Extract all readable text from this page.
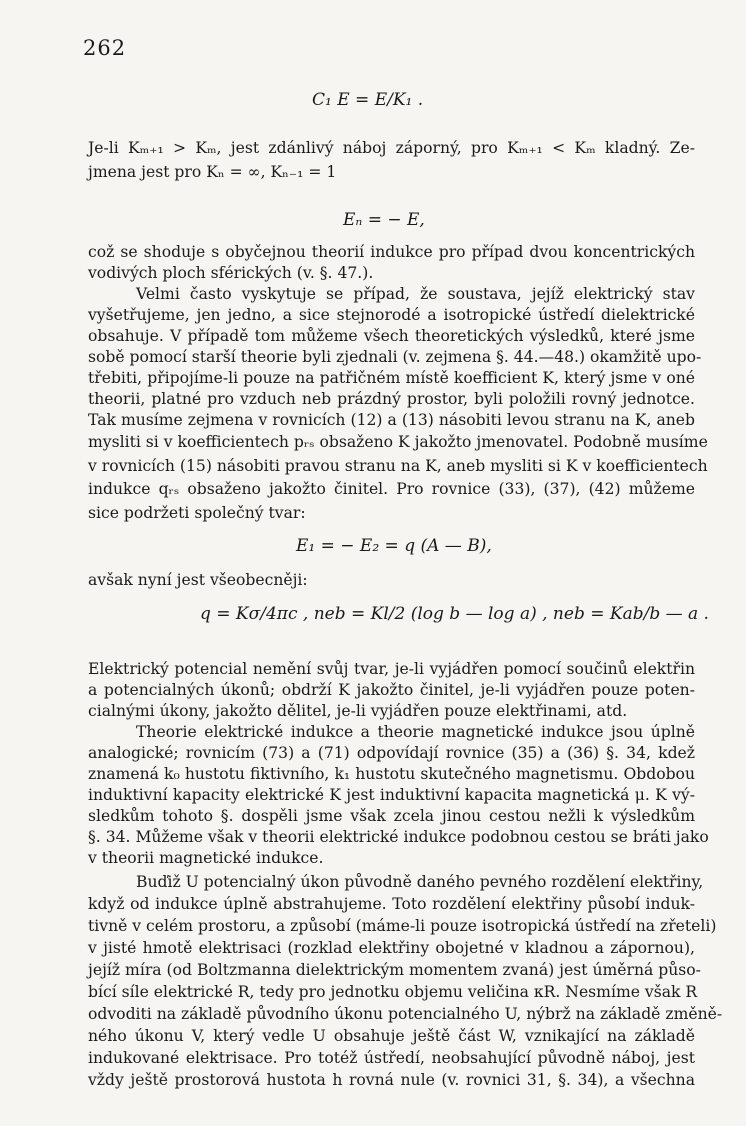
262
C₁ E = E/K₁ .
Je-li Kₘ₊₁ > Kₘ, jest zdánlivý náboj záporný, pro Kₘ₊₁ < Kₘ kladný. Ze-
jmena jest pro Kₙ = ∞, Kₙ₋₁ = 1
Eₙ = − E,
což se shoduje s obyčejnou theorií indukce pro případ dvou koncentrických
vodivých ploch sférických (v. §. 47.).
Velmi často vyskytuje se případ, že soustava, jejíž elektrický stav
vyšetřujeme, jen jedno, a sice stejnorodé a isotropické ústředí dielektrické
obsahuje. V případě tom můžeme všech theoretických výsledků, které jsme
sobě pomocí starší theorie byli zjednali (v. zejmena §. 44.—48.) okamžitě upo-
třebiti, připojíme-li pouze na patřičném místě koefficient K, který jsme v oné
theorii, platné pro vzduch neb prázdný prostor, byli položili rovný jednotce.
Tak musíme zejmena v rovnicích (12) a (13) násobiti levou stranu na K, aneb
mysliti si v koefficientech pᵣₛ obsaženo K jakožto jmenovatel. Podobně musíme
v rovnicích (15) násobiti pravou stranu na K, aneb mysliti si K v koefficientech
indukce qᵣₛ obsaženo jakožto činitel. Pro rovnice (33), (37), (42) můžeme
sice podržeti společný tvar:
E₁ = − E₂ = q (A — B),
avšak nyní jest všeobecněji:
q = Kσ/4πc , neb = Kl/2 (log b — log a) , neb = Kab/b — a .
Elektrický potencial nemění svůj tvar, je-li vyjádřen pomocí součinů elektřin
a potencialných úkonů; obdrží K jakožto činitel, je-li vyjádřen pouze poten-
cialnými úkony, jakožto dělitel, je-li vyjádřen pouze elektřinami, atd.
Theorie elektrické indukce a theorie magnetické indukce jsou úplně
analogické; rovnicím (73) a (71) odpovídají rovnice (35) a (36) §. 34, kdež
znamená k₀ hustotu fiktivního, k₁ hustotu skutečného magnetismu. Obdobou
induktivní kapacity elektrické K jest induktivní kapacita magnetická μ. K vý-
sledkům tohoto §. dospěli jsme však zcela jinou cestou nežli k výsledkům
§. 34. Můžeme však v theorii elektrické indukce podobnou cestou se bráti jako
v theorii magnetické indukce.
Buďiž U potencialný úkon původně daného pevného rozdělení elektřiny,
když od indukce úplně abstrahujeme. Toto rozdělení elektřiny působí induk-
tivně v celém prostoru, a způsobí (máme-li pouze isotropická ústředí na zřeteli)
v jisté hmotě elektrisaci (rozklad elektřiny obojetné v kladnou a zápornou),
jejíž míra (od Boltzmanna dielektrickým momentem zvaná) jest úměrná půso-
bící síle elektrické R, tedy pro jednotku objemu veličina κR. Nesmíme však R
odvoditi na základě původního úkonu potencialného U, nýbrž na základě změně-
ného úkonu V, který vedle U obsahuje ještě část W, vznikající na základě
indukované elektrisace. Pro totéž ústředí, neobsahující původně náboj, jest
vždy ještě prostorová hustota h rovná nule (v. rovnici 31, §. 34), a všechna
